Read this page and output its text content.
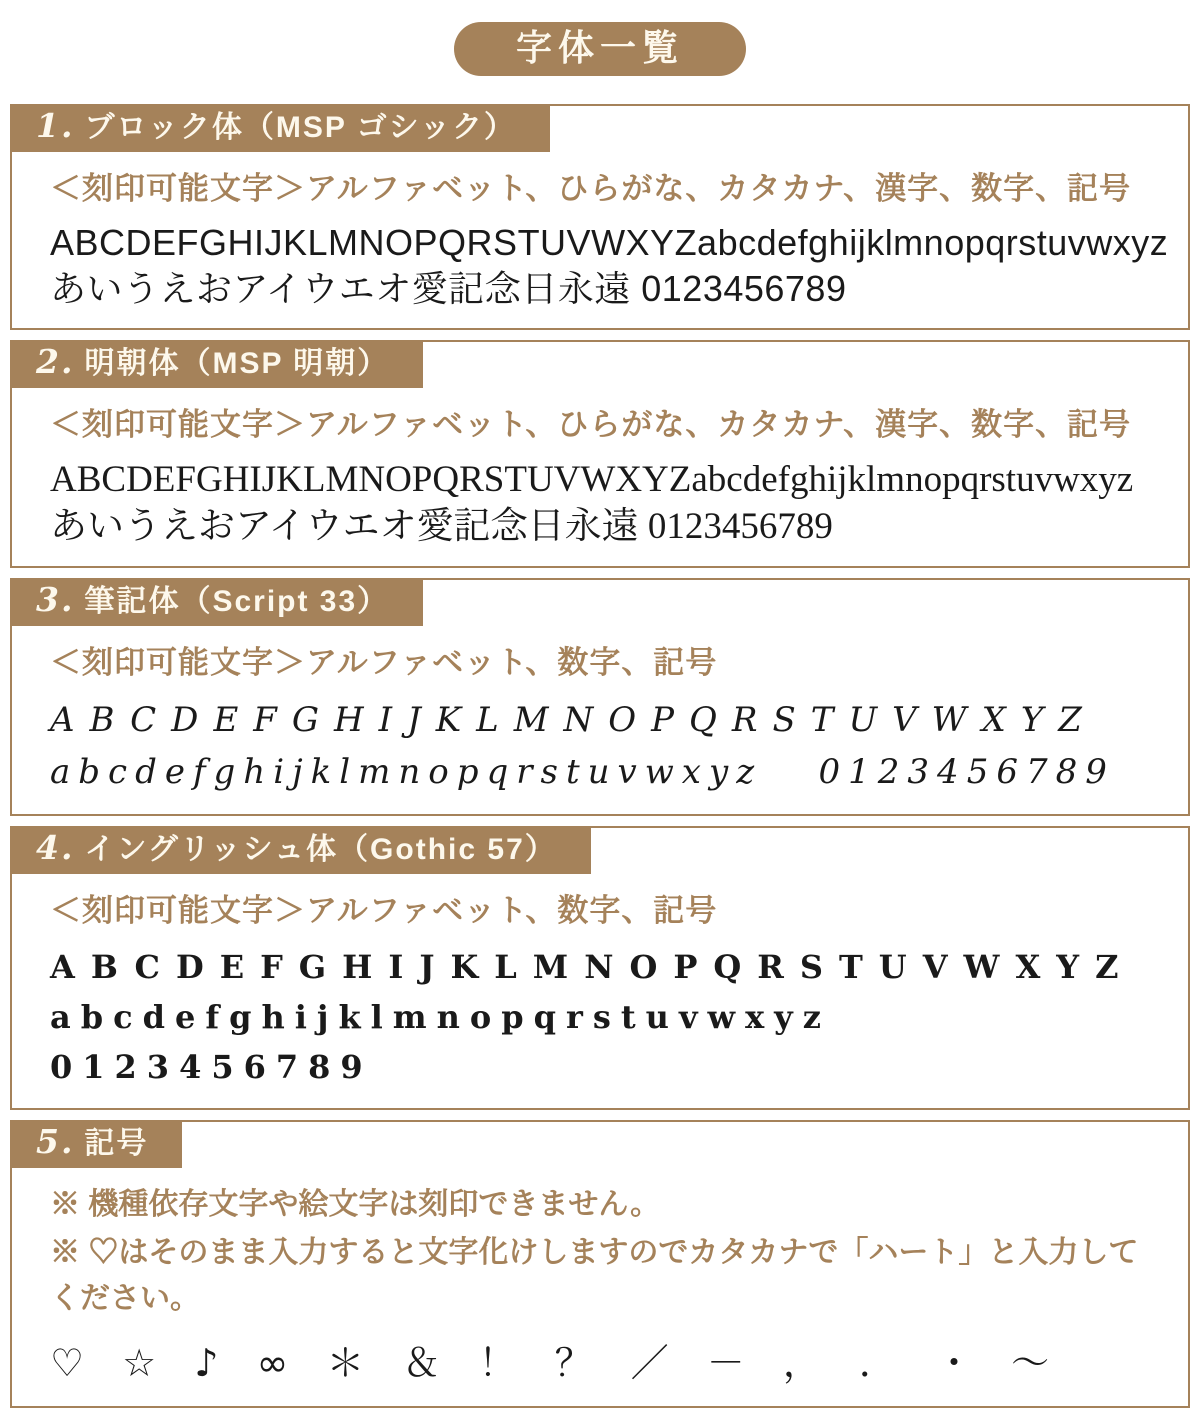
字体一覧
1. ブロック体（MSP ゴシック）

＜刻印可能文字＞アルファベット、ひらがな、カタカナ、漢字、数字、記号

ABCDEFGHIJKLMNOPQRSTUVWXYZabcdefghijklmnopqrstuvwxyz

あいうえおアイウエオ愛記念日永遠 0123456789

2. 明朝体（MSP 明朝）

＜刻印可能文字＞アルファベット、ひらがな、カタカナ、漢字、数字、記号

ABCDEFGHIJKLMNOPQRSTUVWXYZabcdefghijklmnopqrstuvwxyz

あいうえおアイウエオ愛記念日永遠 0123456789

3. 筆記体（Script 33）

＜刻印可能文字＞アルファベット、数字、記号

ABCDEFGHIJKLMNOPQRSTUVWXYZ

abcdefghijklmnopqrstuvwxyz   0123456789

4. イングリッシュ体（Gothic 57）

＜刻印可能文字＞アルファベット、数字、記号

ABCDEFGHIJKLMNOPQRSTUVWXYZ

abcdefghijklmnopqrstuvwxyz   0123456789

5. 記号

※ 機種依存文字や絵文字は刻印できません。

※ ♡はそのまま入力すると文字化けしますのでカタカナで「ハート」と入力してください。

♡ ☆ ♪ ∞ ＊ ＆ ！ ？ ／ － ， ． ・ ～
